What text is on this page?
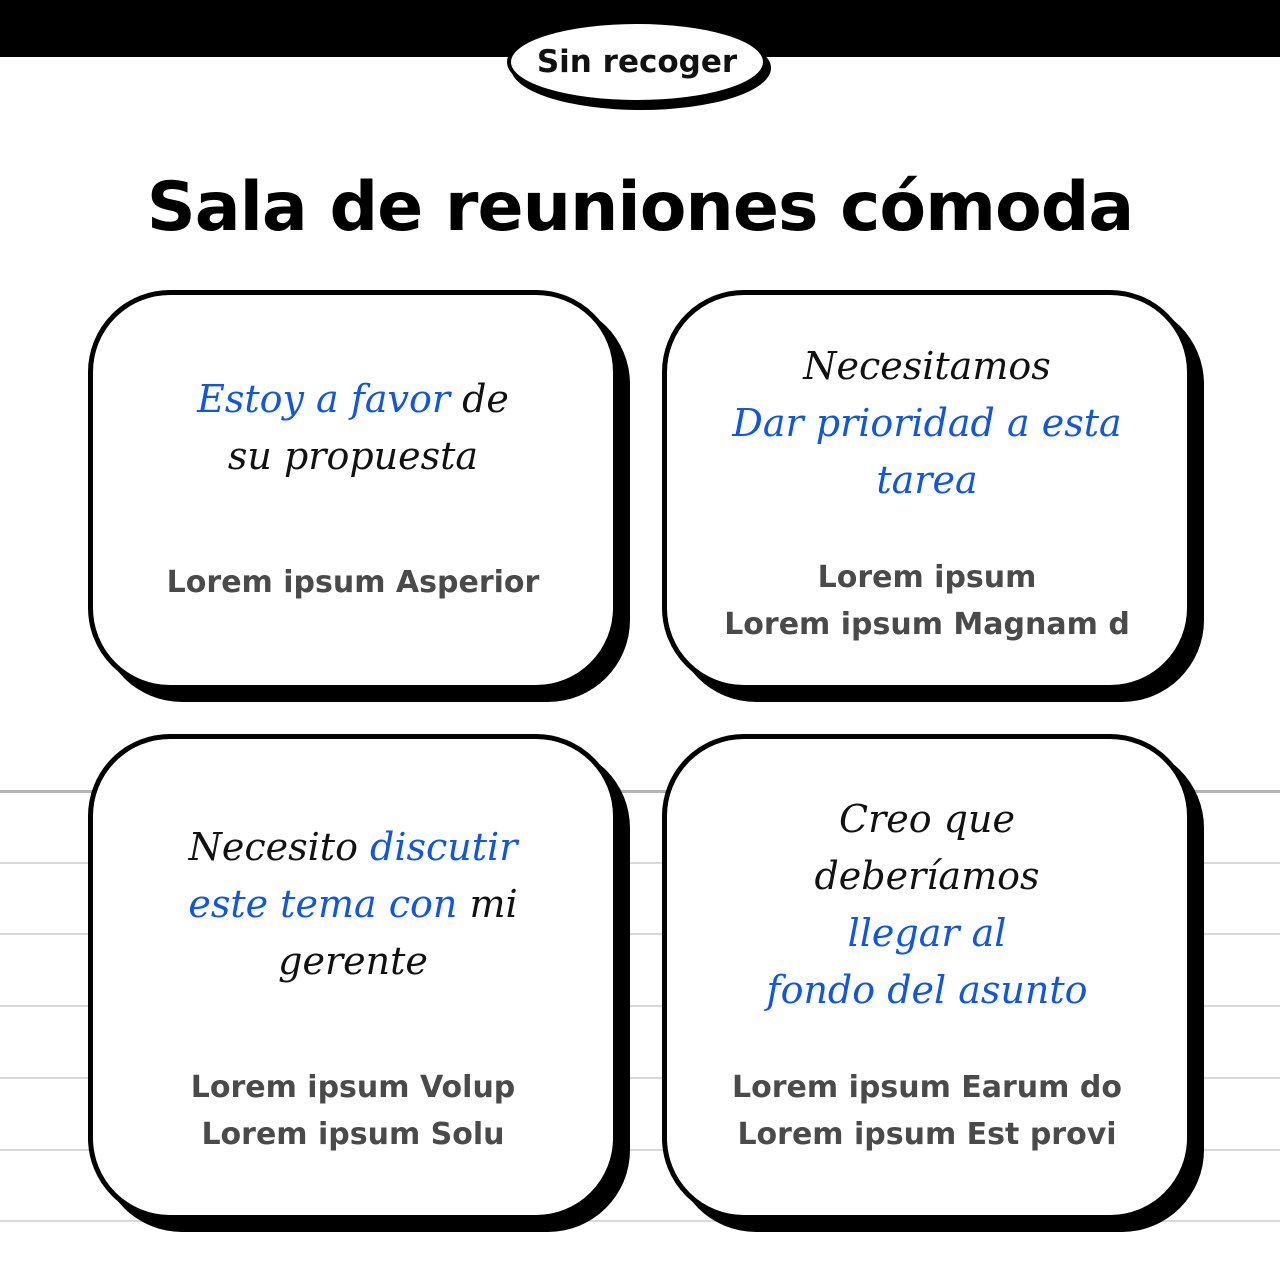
Sin recoger
Sala de reuniones cómoda
Estoy a favor de
su propuesta
Lorem ipsum Asperior
Necesitamos
Dar prioridad a esta
tarea
Lorem ipsum
Lorem ipsum Magnam d
Necesito discutir
este tema con mi
gerente
Lorem ipsum Volup
Lorem ipsum Solu
Creo que
deberíamos
llegar al
fondo del asunto
Lorem ipsum Earum do
Lorem ipsum Est provi
